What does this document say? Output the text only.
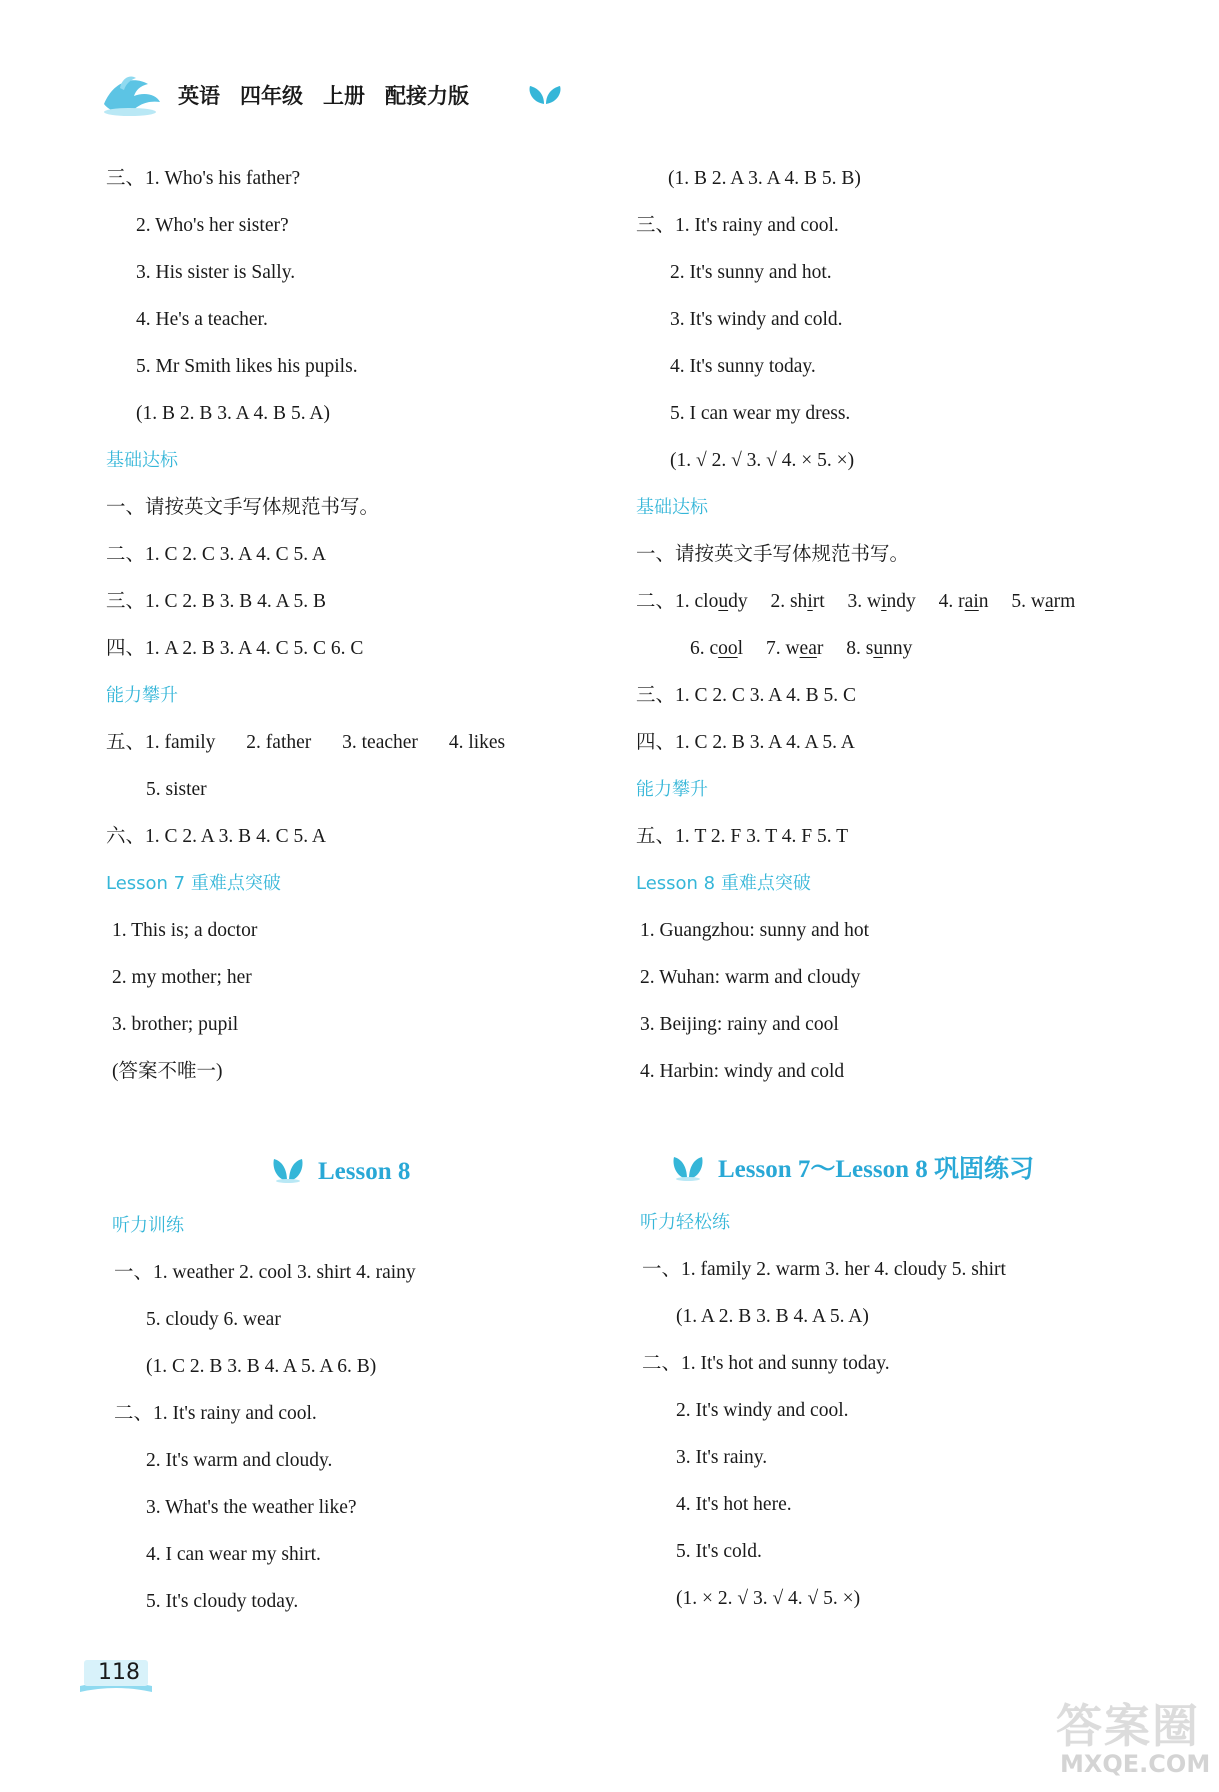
英语 四年级 上册 配接力版
三、1. Who's his father?
2. Who's her sister?
3. His sister is Sally.
4. He's a teacher.
5. Mr Smith likes his pupils.
(1. B 2. B 3. A 4. B 5. A)
基础达标
一、请按英文手写体规范书写。
二、1. C 2. C 3. A 4. C 5. A
三、1. C 2. B 3. B 4. A 5. B
四、1. A 2. B 3. A 4. C 5. C 6. C
能力攀升
五、1. family 2. father 3. teacher 4. likes
5. sister
六、1. C 2. A 3. B 4. C 5. A
Lesson 7 重难点突破
1. This is; a doctor
2. my mother; her
3. brother; pupil
(答案不唯一)
Lesson 8
听力训练
一、1. weather 2. cool 3. shirt 4. rainy
5. cloudy 6. wear
(1. C 2. B 3. B 4. A 5. A 6. B)
二、1. It's rainy and cool.
2. It's warm and cloudy.
3. What's the weather like?
4. I can wear my shirt.
5. It's cloudy today.
(1. B 2. A 3. A 4. B 5. B)
三、1. It's rainy and cool.
2. It's sunny and hot.
3. It's windy and cold.
4. It's sunny today.
5. I can wear my dress.
(1. √ 2. √ 3. √ 4. × 5. ×)
基础达标
一、请按英文手写体规范书写。
二、1. cloudy 2. shirt 3. windy 4. rain 5. warm
6. cool 7. wear 8. sunny
三、1. C 2. C 3. A 4. B 5. C
四、1. C 2. B 3. A 4. A 5. A
能力攀升
五、1. T 2. F 3. T 4. F 5. T
Lesson 8 重难点突破
1. Guangzhou: sunny and hot
2. Wuhan: warm and cloudy
3. Beijing: rainy and cool
4. Harbin: windy and cold
Lesson 7～Lesson 8 巩固练习
听力轻松练
一、1. family 2. warm 3. her 4. cloudy 5. shirt
(1. A 2. B 3. B 4. A 5. A)
二、1. It's hot and sunny today.
2. It's windy and cool.
3. It's rainy.
4. It's hot here.
5. It's cold.
(1. × 2. √ 3. √ 4. √ 5. ×)
118
答案圈
MXQE.COM
